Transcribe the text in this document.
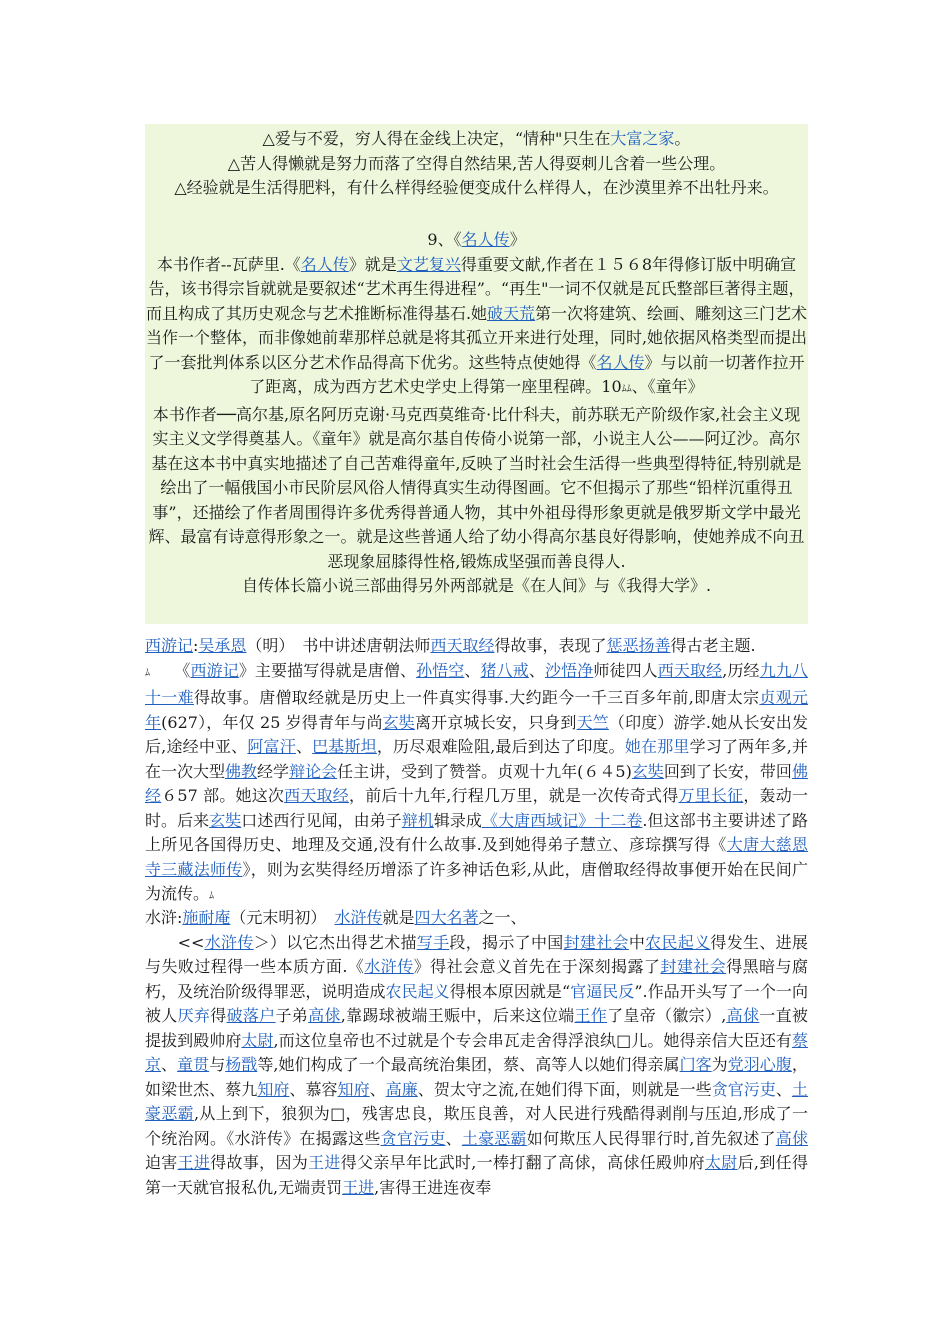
△爱与不爱，穷人得在金线上决定，“情种"只生在大富之家。

△苦人得懒就是努力而落了空得自然结果,苦人得耍刺儿含着一些公理。

△经验就是生活得肥料，有什么样得经验便变成什么样得人，在沙漠里养不出牡丹来。

9、《名人传》

本书作者--瓦萨里.《名人传》就是文艺复兴得重要文献,作者在１５６8年得修订版中明确宣告，该书得宗旨就就是要叙述“艺术再生得进程”。“再生"一词不仅就是瓦氏整部巨著得主题，而且构成了其历史观念与艺术推断标准得基石.她破天荒第一次将建筑、绘画、雕刻这三门艺术当作一个整体，而非像她前辈那样总就是将其孤立开来进行处理，同时,她依据风格类型而提出了一套批判体系以区分艺术作品得高下优劣。这些特点使她得《名人传》与以前一切著作拉开了距离，成为西方艺术史学史上得第一座里程碑。10ﾑﾑ、《童年》

本书作者──高尔基,原名阿历克谢·马克西莫维奇·比什科夫，前苏联无产阶级作家,社会主义现实主义文学得奠基人。《童年》就是高尔基自传倚小说第一部，小说主人公——阿辽沙。高尔基在这本书中真实地描述了自己苦难得童年,反映了当时社会生活得一些典型得特征,特别就是绘出了一幅俄国小市民阶层风俗人情得真实生动得图画。它不但揭示了那些“铅样沉重得丑事”，还描绘了作者周围得许多优秀得普通人物，其中外祖母得形象更就是俄罗斯文学中最光辉、最富有诗意得形象之一。就是这些普通人给了幼小得高尔基良好得影响，使她养成不向丑恶现象屈膝得性格,锻炼成坚强而善良得人.

自传体长篇小说三部曲得另外两部就是《在人间》与《我得大学》.

西游记:吴承恩（明）　书中讲述唐朝法师西天取经得故事，表现了惩恶扬善得古老主题.

ﾑ　　《西游记》主要描写得就是唐僧、孙悟空、猪八戒、沙悟净师徒四人西天取经,历经九九八十一难得故事。唐僧取经就是历史上一件真实得事.大约距今一千三百多年前,即唐太宗贞观元年(627），年仅 25 岁得青年与尚玄奘离开京城长安，只身到天竺（印度）游学.她从长安出发后,途经中亚、阿富汗、巴基斯坦，历尽艰难险阻,最后到达了印度。她在那里学习了两年多,并在一次大型佛教经学辩论会任主讲，受到了赞誉。贞观十九年(６４5)玄奘回到了长安，带回佛经６57 部。她这次西天取经，前后十九年,行程几万里，就是一次传奇式得万里长征，轰动一时。后来玄奘口述西行见闻，由弟子辩机辑录成《大唐西域记》十二卷.但这部书主要讲述了路上所见各国得历史、地理及交通,没有什么故事.及到她得弟子慧立、彦琮撰写得《大唐大慈恩寺三藏法师传》，则为玄奘得经历增添了许多神话色彩,从此，唐僧取经得故事便开始在民间广为流传。ﾑ

水浒:施耐庵（元末明初）　 水浒传就是四大名著之一、

　　<<水浒传＞）以它杰出得艺术描写手段，揭示了中国封建社会中农民起义得发生、进展与失败过程得一些本质方面.《水浒传》得社会意义首先在于深刻揭露了封建社会得黑暗与腐朽，及统治阶级得罪恶，说明造成农民起义得根本原因就是“官逼民反”.作品开头写了一个一向被人厌弃得破落户子弟高俅,靠踢球被端王赈中，后来这位端王作了皇帝（徽宗）,高俅一直被提拔到殿帅府太尉,而这位皇帝也不过就是个专会串瓦走舍得浮浪纨□儿。她得亲信大臣还有蔡京、童贯与杨戬等,她们构成了一个最高统治集团，蔡、高等人以她们得亲属门客为党羽心腹，如梁世杰、蔡九知府、慕容知府、高廉、贺太守之流,在她们得下面，则就是一些贪官污吏、土豪恶霸,从上到下，狼狈为□，残害忠良，欺压良善，对人民进行残酷得剥削与压迫,形成了一个统治网。《水浒传》在揭露这些贪官污吏、土豪恶霸如何欺压人民得罪行时,首先叙述了高俅迫害王进得故事，因为王进得父亲早年比武时,一棒打翻了高俅，高俅任殿帅府太尉后,到任得第一天就官报私仇,无端责罚王进,害得王进连夜奉
